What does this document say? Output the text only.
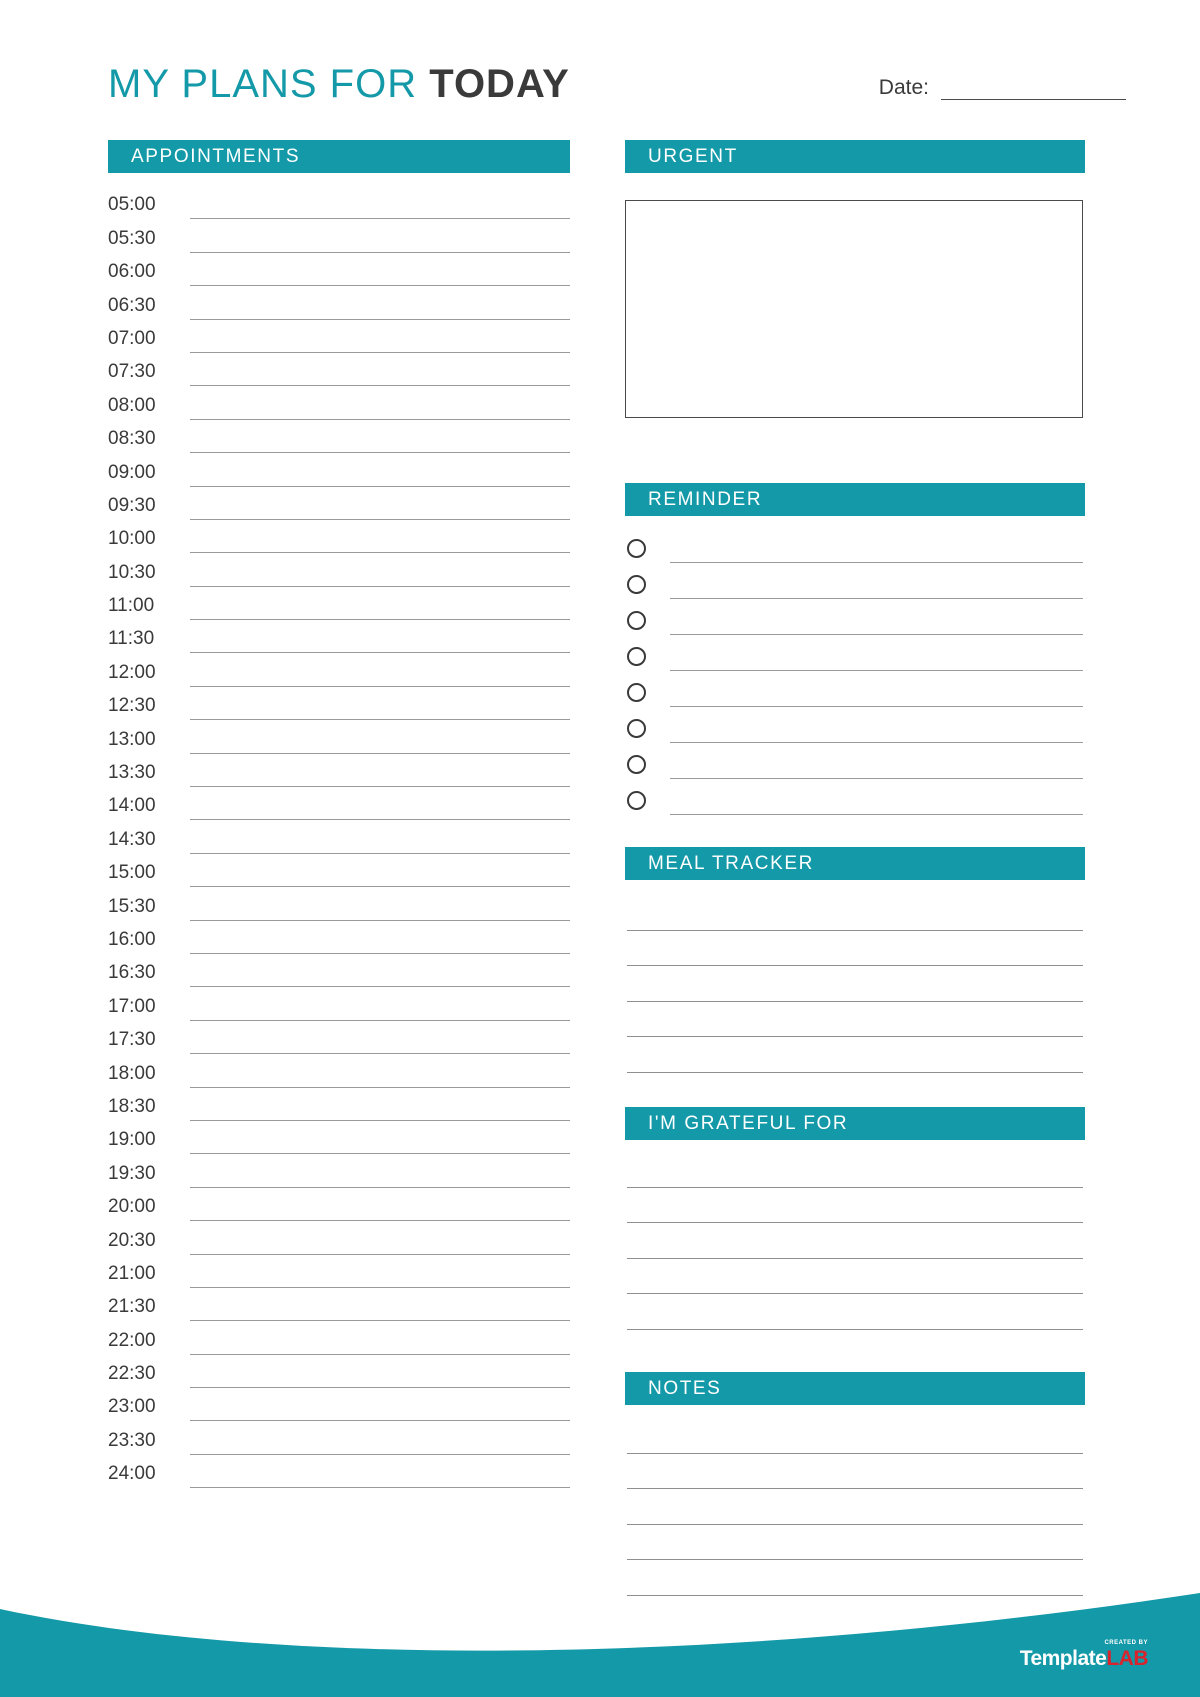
MY PLANS FOR TODAY	Date:
APPOINTMENTS
05:00
05:30
06:00
06:30
07:00
07:30
08:00
08:30
09:00
09:30
10:00
10:30
11:00
11:30
12:00
12:30
13:00
13:30
14:00
14:30
15:00
15:30
16:00
16:30
17:00
17:30
18:00
18:30
19:00
19:30
20:00
20:30
21:00
21:30
22:00
22:30
23:00
23:30
24:00
URGENT
REMINDER
MEAL TRACKER
I'M GRATEFUL FOR
NOTES
CREATED BY
TemplateLAB
